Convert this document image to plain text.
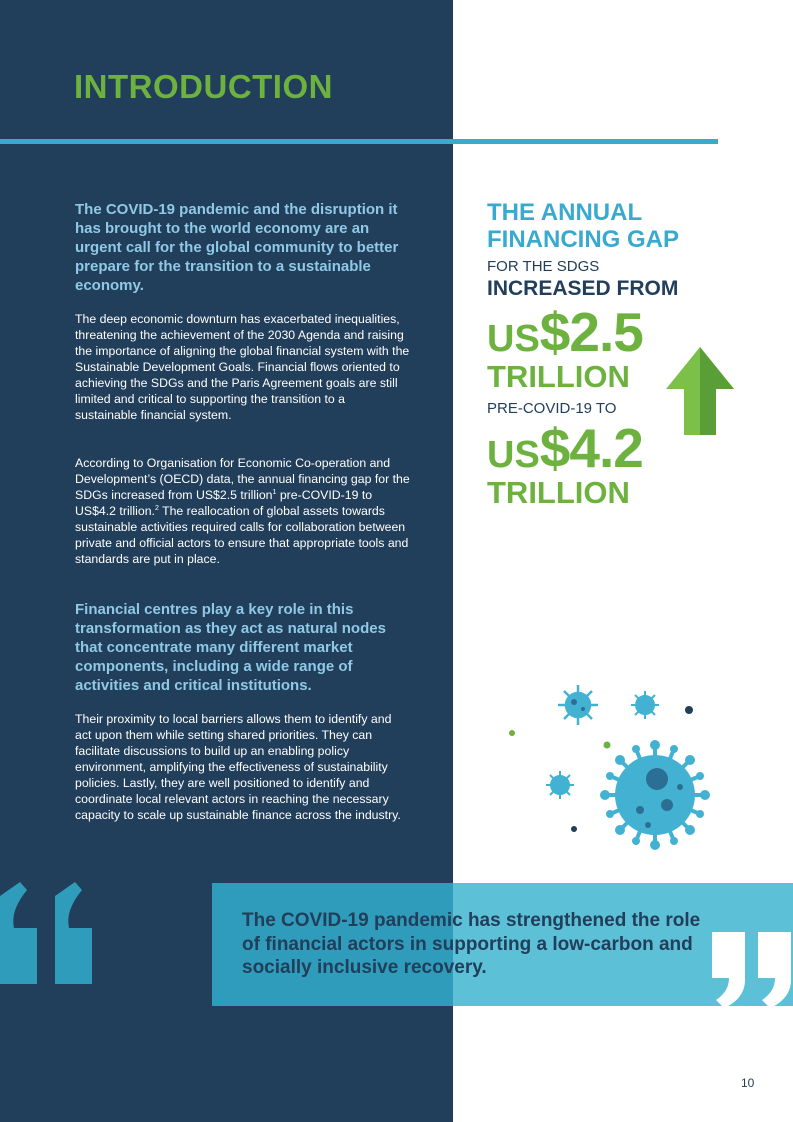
INTRODUCTION

The COVID-19 pandemic and the disruption it has brought to the world economy are an urgent call for the global community to better prepare for the transition to a sustainable economy.

The deep economic downturn has exacerbated inequalities, threatening the achievement of the 2030 Agenda and raising the importance of aligning the global financial system with the Sustainable Development Goals. Financial flows oriented to achieving the SDGs and the Paris Agreement goals are still limited and critical to supporting the transition to a sustainable financial system.

According to Organisation for Economic Co-operation and Development’s (OECD) data, the annual financing gap for the SDGs increased from US$2.5 trillion$^1$ pre-COVID-19 to US$4.2 trillion.$^2$ The reallocation of global assets towards sustainable activities required calls for collaboration between private and official actors to ensure that appropriate tools and standards are put in place.

Financial centres play a key role in this transformation as they act as natural nodes that concentrate many different market components, including a wide range of activities and critical institutions.

Their proximity to local barriers allows them to identify and act upon them while setting shared priorities. They can facilitate discussions to build up an enabling policy environment, amplifying the effectiveness of sustainability policies. Lastly, they are well positioned to identify and coordinate local relevant actors in reaching the necessary capacity to scale up sustainable finance across the industry.

THE ANNUAL
FINANCING GAP
FOR THE SDGS
INCREASED FROM
US$2.5
TRILLION
PRE-COVID-19 TO
US$4.2
TRILLION

The COVID-19 pandemic has strengthened the role of financial actors in supporting a low-carbon and socially inclusive recovery.

10
